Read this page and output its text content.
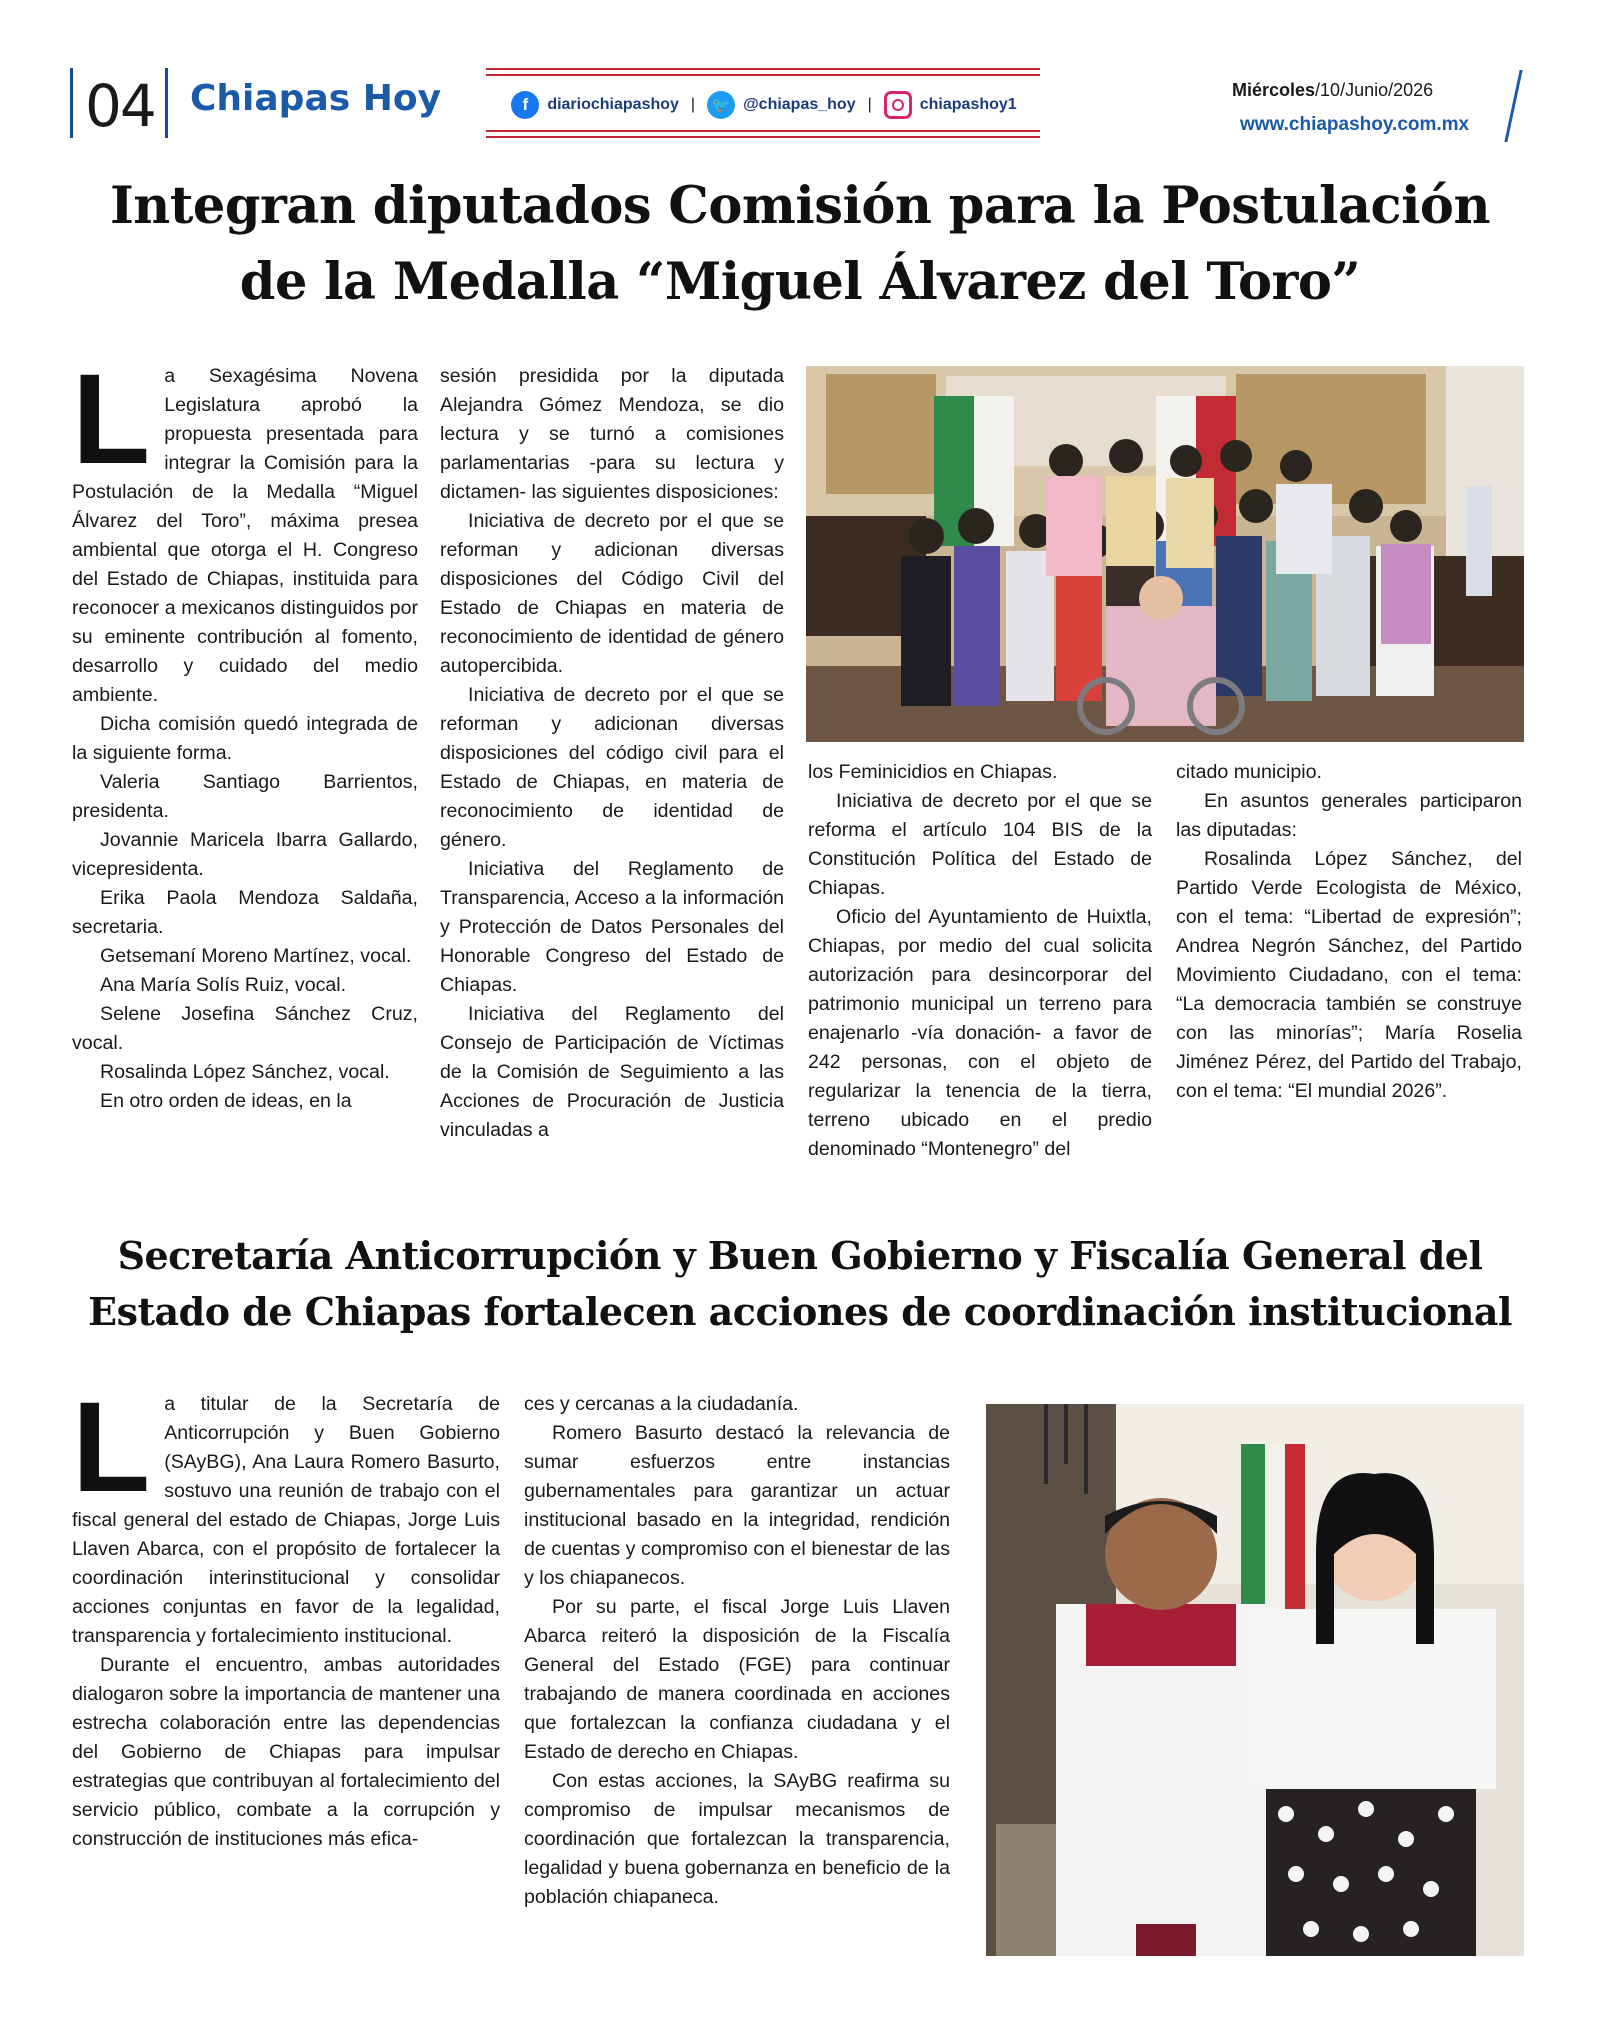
04 Chiapas Hoy	f	diariochiapashoy |	🐦 @chiapas_hoy |	chiapashoy1
Miércoles/10/Junio/2026
www.chiapashoy.com.mx
Integran diputados Comisión para la Postulación
de la Medalla “Miguel Álvarez del Toro”
L a Sexagésima Novena Legislatura aprobó la propuesta presentada para integrar la Comisión para la Postulación de la Medalla “Miguel Álvarez del Toro”, máxima presea ambiental que otorga el H. Congreso del Estado de Chiapas, instituida para reconocer a mexicanos distinguidos por su eminente contribución al fomento, desarrollo y cuidado del medio ambiente.

Dicha comisión quedó integrada de la siguiente forma.

Valeria Santiago Barrientos, presidenta.

Jovannie Maricela Ibarra Gallardo, vicepresidenta.

Erika Paola Mendoza Saldaña, secretaria.

Getsemaní Moreno Martínez, vocal.

Ana María Solís Ruiz, vocal.

Selene Josefina Sánchez Cruz, vocal.

Rosalinda López Sánchez, vocal.

En otro orden de ideas, en la

sesión presidida por la diputada Alejandra Gómez Mendoza, se dio lectura y se turnó a comisiones parlamentarias -para su lectura y dictamen- las siguientes disposiciones:

Iniciativa de decreto por el que se reforman y adicionan diversas disposiciones del Código Civil del Estado de Chiapas en materia de reconocimiento de identidad de género autopercibida.

Iniciativa de decreto por el que se reforman y adicionan diversas disposiciones del código civil para el Estado de Chiapas, en materia de reconocimiento de identidad de género.

Iniciativa del Reglamento de Transparencia, Acceso a la información y Protección de Datos Personales del Honorable Congreso del Estado de Chiapas.

Iniciativa del Reglamento del Consejo de Participación de Víctimas de la Comisión de Seguimiento a las Acciones de Procuración de Justicia vinculadas a

los Feminicidios en Chiapas.

Iniciativa de decreto por el que se reforma el artículo 104 BIS de la Constitución Política del Estado de Chiapas.

Oficio del Ayuntamiento de Huixtla, Chiapas, por medio del cual solicita autorización para desincorporar del patrimonio municipal un terreno para enajenarlo -vía donación- a favor de 242 personas, con el objeto de regularizar la tenencia de la tierra, terreno ubicado en el predio denominado “Montenegro” del

citado municipio.

En asuntos generales participaron las diputadas:

Rosalinda López Sánchez, del Partido Verde Ecologista de México, con el tema: “Libertad de expresión”; Andrea Negrón Sánchez, del Partido Movimiento Ciudadano, con el tema: “La democracia también se construye con las minorías”; María Roselia Jiménez Pérez, del Partido del Trabajo, con el tema: “El mundial 2026”.

Secretaría Anticorrupción y Buen Gobierno y Fiscalía General del
Estado de Chiapas fortalecen acciones de coordinación institucional
L a titular de la Secretaría de Anticorrupción y Buen Gobierno (SAyBG), Ana Laura Romero Basurto, sostuvo una reunión de trabajo con el fiscal general del estado de Chiapas, Jorge Luis Llaven Abarca, con el propósito de fortalecer la coordinación interinstitucional y consolidar acciones conjuntas en favor de la legalidad, transparencia y fortalecimiento institucional.

Durante el encuentro, ambas autoridades dialogaron sobre la importancia de mantener una estrecha colaboración entre las dependencias del Gobierno de Chiapas para impulsar estrategias que contribuyan al fortalecimiento del servicio público, combate a la corrupción y construcción de instituciones más efica-

ces y cercanas a la ciudadanía.

Romero Basurto destacó la relevancia de sumar esfuerzos entre instancias gubernamentales para garantizar un actuar institucional basado en la integridad, rendición de cuentas y compromiso con el bienestar de las y los chiapanecos.

Por su parte, el fiscal Jorge Luis Llaven Abarca reiteró la disposición de la Fiscalía General del Estado (FGE) para continuar trabajando de manera coordinada en acciones que fortalezcan la confianza ciudadana y el Estado de derecho en Chiapas.

Con estas acciones, la SAyBG reafirma su compromiso de impulsar mecanismos de coordinación que fortalezcan la transparencia, legalidad y buena gobernanza en beneficio de la población chiapaneca.
